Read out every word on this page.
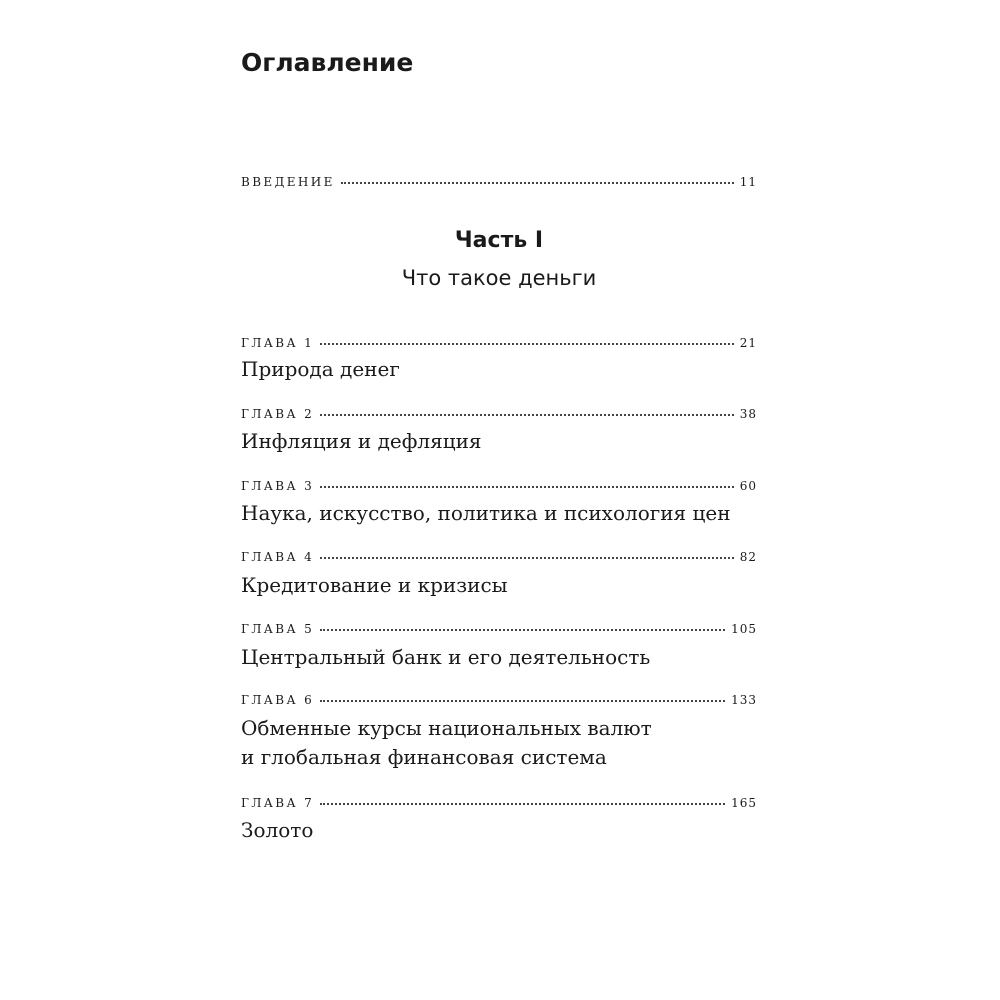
Оглавление
ВВЕДЕНИЕ	11
Часть I
Что такое деньги
ГЛАВА 1	21

Природа денег

ГЛАВА 2	38

Инфляция и дефляция

ГЛАВА 3	60

Наука, искусство, политика и психология цен

ГЛАВА 4	82

Кредитование и кризисы

ГЛАВА 5	105

Центральный банк и его деятельность

ГЛАВА 6	133

Обменные курсы национальных валют
и глобальная финансовая система

ГЛАВА 7	165

Золото
